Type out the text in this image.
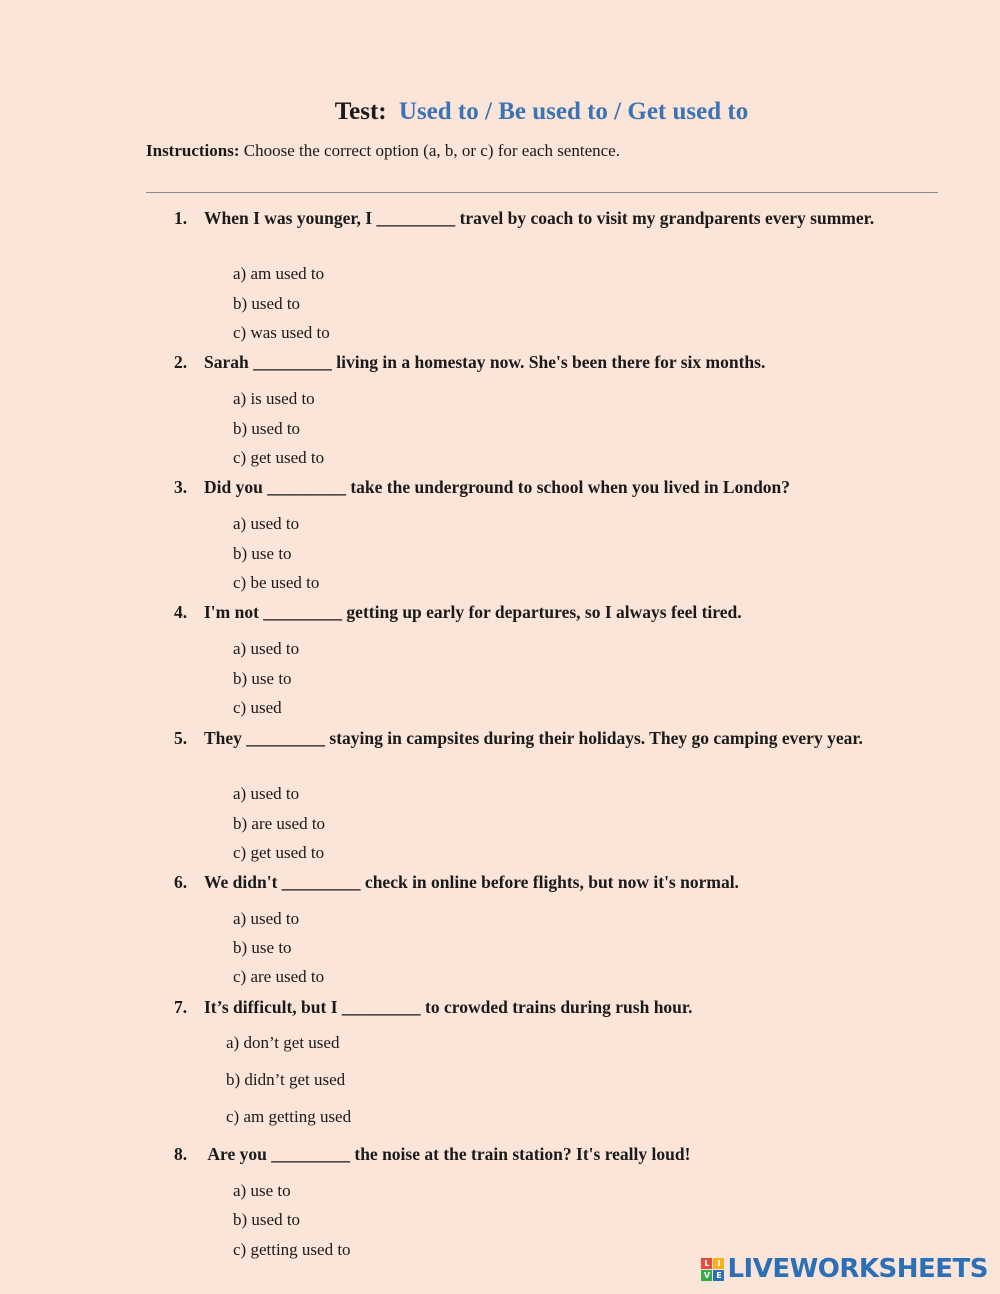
Test: Used to / Be used to / Get used to
Instructions: Choose the correct option (a, b, or c) for each sentence.
1. When I was younger, I _________ travel by coach to visit my grandparents every summer.
a) am used to
b) used to
c) was used to
2. Sarah _________ living in a homestay now. She's been there for six months.
a) is used to
b) used to
c) get used to
3. Did you _________ take the underground to school when you lived in London?
a) used to
b) use to
c) be used to
4. I'm not _________ getting up early for departures, so I always feel tired.
a) used to
b) use to
c) used
5. They _________ staying in campsites during their holidays. They go camping every year.
a) used to
b) are used to
c) get used to
6. We didn't _________ check in online before flights, but now it's normal.
a) used to
b) use to
c) are used to
7. It’s difficult, but I _________ to crowded trains during rush hour.
a) don’t get used
b) didn’t get used
c) am getting used
8. Are you _________ the noise at the train station? It's really loud!
a) use to
b) used to
c) getting used to
L I
V E LIVEWORKSHEETS
